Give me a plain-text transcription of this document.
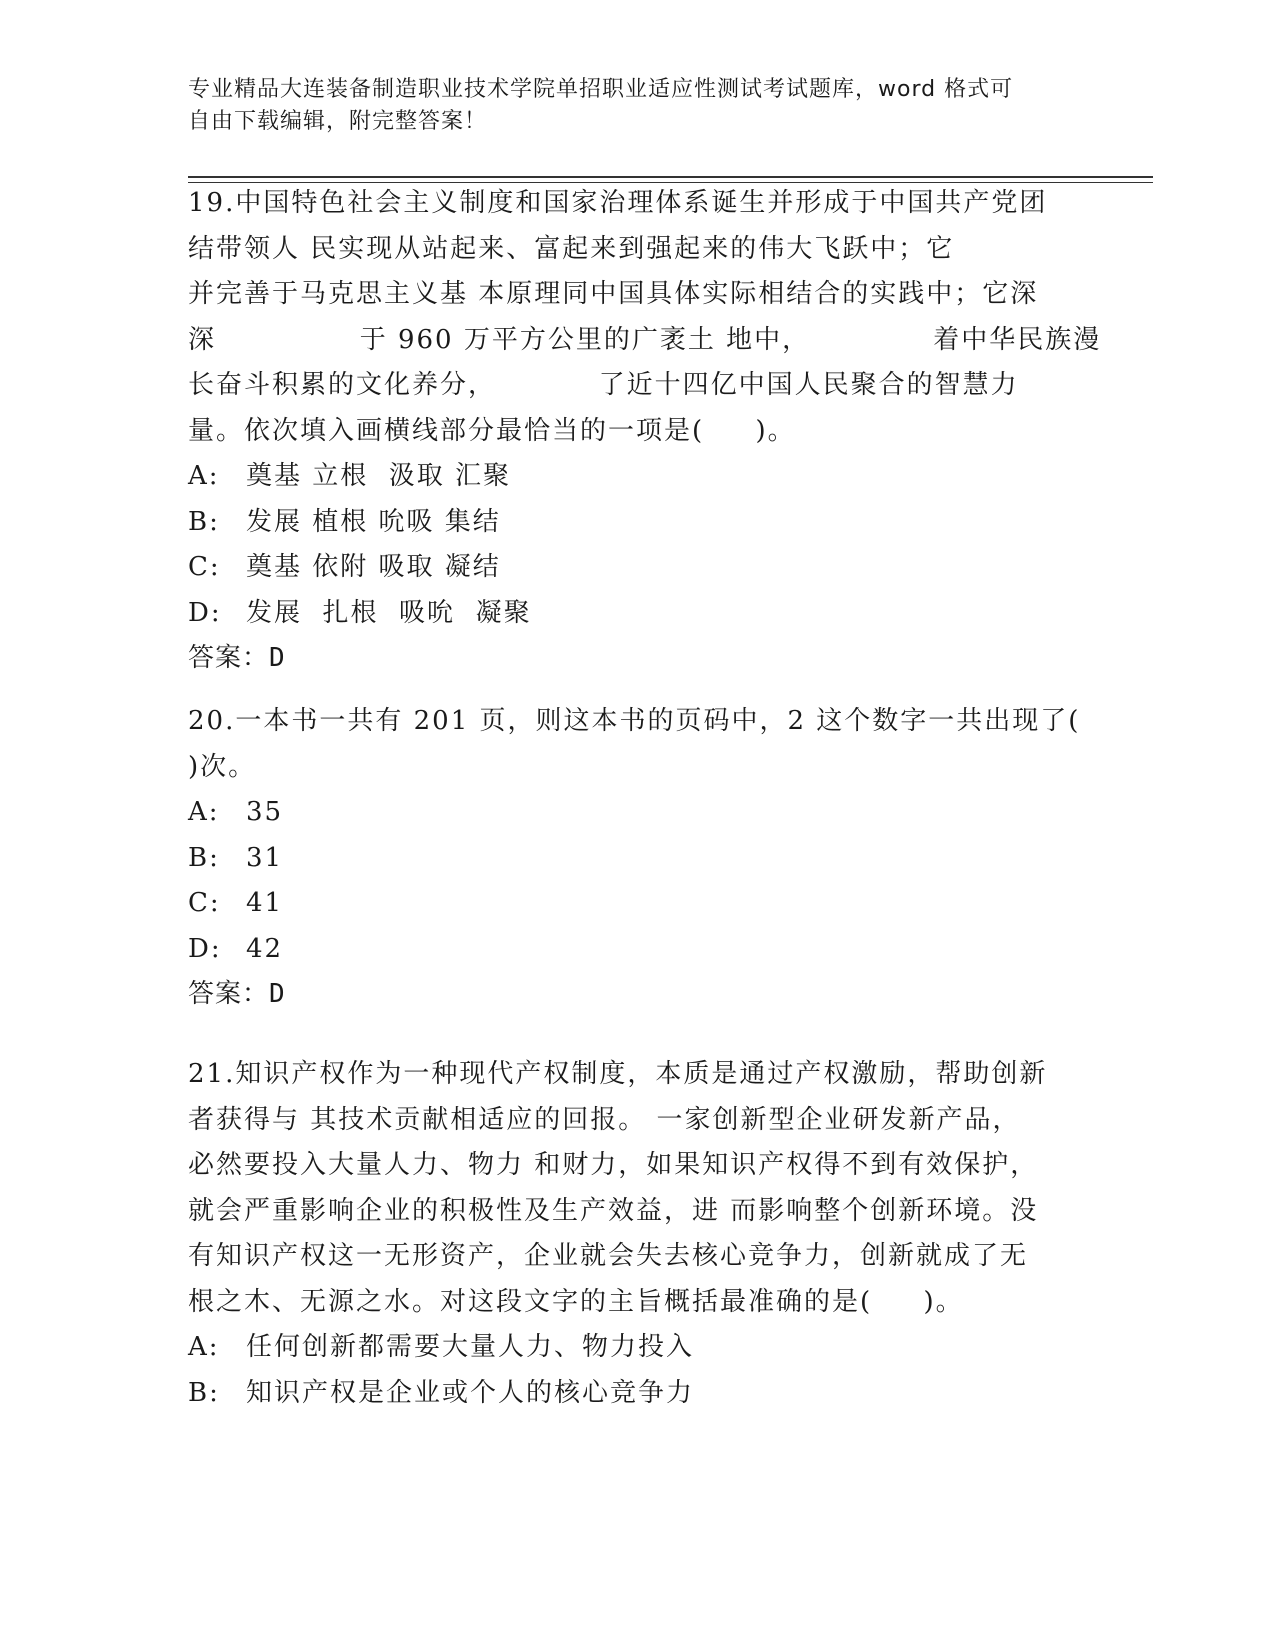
专业精品大连装备制造职业技术学院单招职业适应性测试考试题库，word 格式可
自由下载编辑，附完整答案！
19.中国特色社会主义制度和国家治理体系诞生并形成于中国共产党团
结带领人 民实现从站起来、富起来到强起来的伟大飞跃中；它
并完善于马克思主义基 本原理同中国具体实际相结合的实践中；它深
深              于 960 万平方公里的广袤土 地中，            着中华民族漫
长奋斗积累的文化养分，          了近十四亿中国人民聚合的智慧力
量。依次填入画横线部分最恰当的一项是(     )。
A:	奠基 立根  汲取 汇聚
B:	发展 植根 吮吸 集结
C: 奠基 依附 吸取 凝结
D: 发展  扎根  吸吮  凝聚
答案：D
20.一本书一共有 201 页，则这本书的页码中，2 这个数字一共出现了(
)次。
A:	35
B:	31
C: 41
D: 42
答案：D
21.知识产权作为一种现代产权制度，本质是通过产权激励，帮助创新
者获得与 其技术贡献相适应的回报。 一家创新型企业研发新产品，
必然要投入大量人力、物力 和财力，如果知识产权得不到有效保护，
就会严重影响企业的积极性及生产效益，进 而影响整个创新环境。没
有知识产权这一无形资产，企业就会失去核心竞争力，创新就成了无
根之木、无源之水。对这段文字的主旨概括最准确的是(     )。
A:	任何创新都需要大量人力、物力投入
B:	知识产权是企业或个人的核心竞争力
